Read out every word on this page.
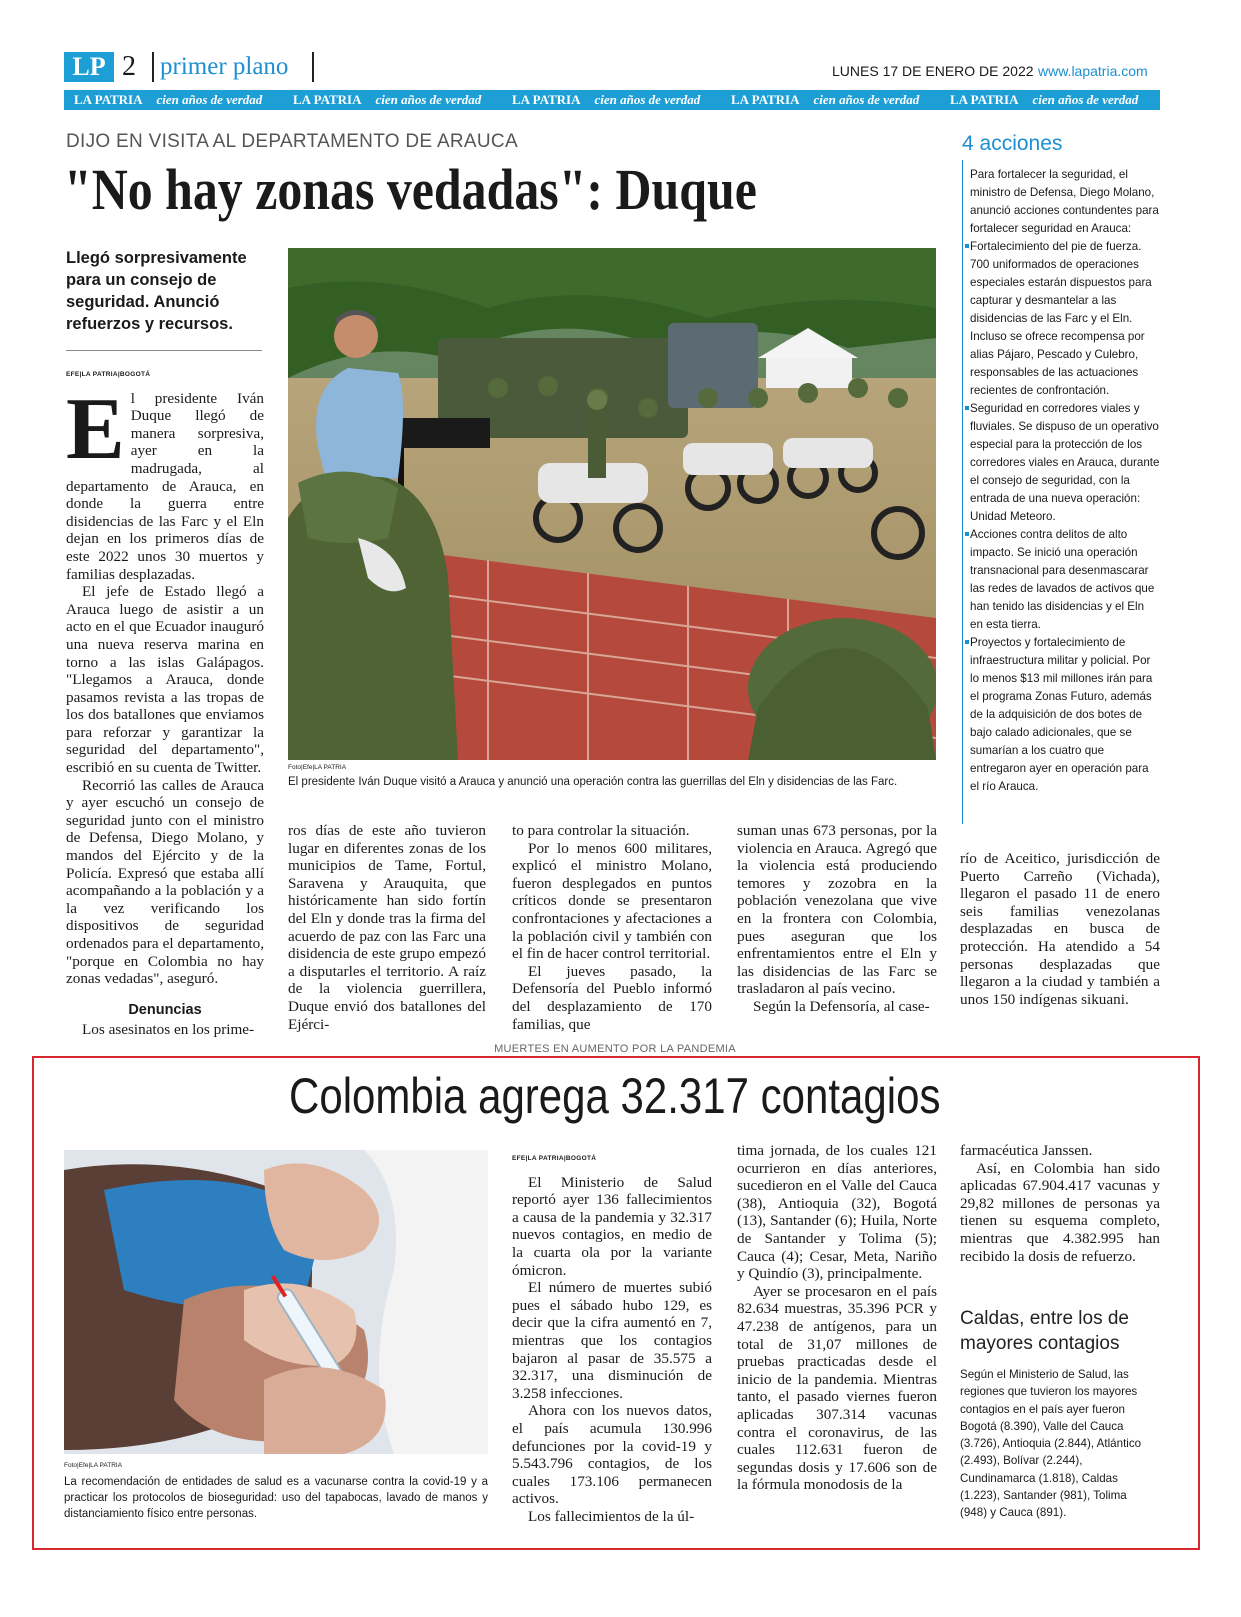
LP 2 primer plano	LUNES 17 DE ENERO DE 2022 www.lapatria.com
LA PATRIA cien años de verdad LA PATRIA cien años de verdad LA PATRIA cien años de verdad LA PATRIA cien años de verdad LA PATRIA cien años de verdad
DIJO EN VISITA AL DEPARTAMENTO DE ARAUCA
"No hay zonas vedadas": Duque
Llegó sorpresivamente para un consejo de seguridad. Anunció refuerzos y recursos.
EFE|LA PATRIA|BOGOTÁ

El presidente Iván Duque llegó de manera sorpresiva, ayer en la madrugada, al departamento de Arauca, en donde la guerra entre disidencias de las Farc y el Eln dejan en los primeros días de este 2022 unos 30 muertos y familias desplazadas.

El jefe de Estado llegó a Arauca luego de asistir a un acto en el que Ecuador inauguró una nueva reserva marina en torno a las islas Galápagos. "Llegamos a Arauca, donde pasamos revista a las tropas de los dos batallones que enviamos para reforzar y garantizar la seguridad del departamento", escribió en su cuenta de Twitter.

Recorrió las calles de Arauca y ayer escuchó un consejo de seguridad junto con el ministro de Defensa, Diego Molano, y mandos del Ejército y de la Policía. Expresó que estaba allí acompañando a la población y a la vez verificando los dispositivos de seguridad ordenados para el departamento, "porque en Colombia no hay zonas vedadas", aseguró.

Denuncias

Los asesinatos en los prime-

Foto|Efe|LA PATRIA
El presidente Iván Duque visitó a Arauca y anunció una operación contra las guerrillas del Eln y disidencias de las Farc.

ros días de este año tuvieron lugar en diferentes zonas de los municipios de Tame, Fortul, Saravena y Arauquita, que históricamente han sido fortín del Eln y donde tras la firma del acuerdo de paz con las Farc una disidencia de este grupo empezó a disputarles el territorio. A raíz de la violencia guerrillera, Duque envió dos batallones del Ejérci-

to para controlar la situación.

Por lo menos 600 militares, explicó el ministro Molano, fueron desplegados en puntos críticos donde se presentaron confrontaciones y afectaciones a la población civil y también con el fin de hacer control territorial.

El jueves pasado, la Defensoría del Pueblo informó del desplazamiento de 170 familias, que

suman unas 673 personas, por la violencia en Arauca. Agregó que la violencia está produciendo temores y zozobra en la población venezolana que vive en la frontera con Colombia, pues aseguran que los enfrentamientos entre el Eln y las disidencias de las Farc se trasladaron al país vecino.

Según la Defensoría, al case-

río de Aceitico, jurisdicción de Puerto Carreño (Vichada), llegaron el pasado 11 de enero seis familias venezolanas desplazadas en busca de protección. Ha atendido a 54 personas desplazadas que llegaron a la ciudad y también a unos 150 indígenas sikuani.

4 acciones
Para fortalecer la seguridad, el ministro de Defensa, Diego Molano, anunció acciones contundentes para fortalecer seguridad en Arauca:
Fortalecimiento del pie de fuerza. 700 uniformados de operaciones especiales estarán dispuestos para capturar y desmantelar a las disidencias de las Farc y el Eln. Incluso se ofrece recompensa por alias Pájaro, Pescado y Culebro, responsables de las actuaciones recientes de confrontación.
Seguridad en corredores viales y fluviales. Se dispuso de un operativo especial para la protección de los corredores viales en Arauca, durante el consejo de seguridad, con la entrada de una nueva operación: Unidad Meteoro.
Acciones contra delitos de alto impacto. Se inició una operación transnacional para desenmascarar las redes de lavados de activos que han tenido las disidencias y el Eln en esta tierra.
Proyectos y fortalecimiento de infraestructura militar y policial. Por lo menos $13 mil millones irán para el programa Zonas Futuro, además de la adquisición de dos botes de bajo calado adicionales, que se sumarían a los cuatro que entregaron ayer en operación para el río Arauca.
MUERTES EN AUMENTO POR LA PANDEMIA
Colombia agrega 32.317 contagios
Foto|Efe|LA PATRIA
La recomendación de entidades de salud es a vacunarse contra la covid-19 y a practicar los protocolos de bioseguridad: uso del tapabocas, lavado de manos y distanciamiento físico entre personas.
EFE|LA PATRIA|BOGOTÁ

El Ministerio de Salud reportó ayer 136 fallecimientos a causa de la pandemia y 32.317 nuevos contagios, en medio de la cuarta ola por la variante ómicron.

El número de muertes subió pues el sábado hubo 129, es decir que la cifra aumentó en 7, mientras que los contagios bajaron al pasar de 35.575 a 32.317, una disminución de 3.258 infecciones.

Ahora con los nuevos datos, el país acumula 130.996 defunciones por la covid-19 y 5.543.796 contagios, de los cuales 173.106 permanecen activos.

Los fallecimientos de la úl-

tima jornada, de los cuales 121 ocurrieron en días anteriores, sucedieron en el Valle del Cauca (38), Antioquia (32), Bogotá (13), Santander (6); Huila, Norte de Santander y Tolima (5); Cauca (4); Cesar, Meta, Nariño y Quindío (3), principalmente.

Ayer se procesaron en el país 82.634 muestras, 35.396 PCR y 47.238 de antígenos, para un total de 31,07 millones de pruebas practicadas desde el inicio de la pandemia. Mientras tanto, el pasado viernes fueron aplicadas 307.314 vacunas contra el coronavirus, de las cuales 112.631 fueron de segundas dosis y 17.606 son de la fórmula monodosis de la

farmacéutica Janssen.

Así, en Colombia han sido aplicadas 67.904.417 vacunas y 29,82 millones de personas ya tienen su esquema completo, mientras que 4.382.995 han recibido la dosis de refuerzo.

Caldas, entre los de mayores contagios
Según el Ministerio de Salud, las regiones que tuvieron los mayores contagios en el país ayer fueron Bogotá (8.390), Valle del Cauca (3.726), Antioquia (2.844), Atlántico (2.493), Bolívar (2.244), Cundinamarca (1.818), Caldas (1.223), Santander (981), Tolima (948) y Cauca (891).
